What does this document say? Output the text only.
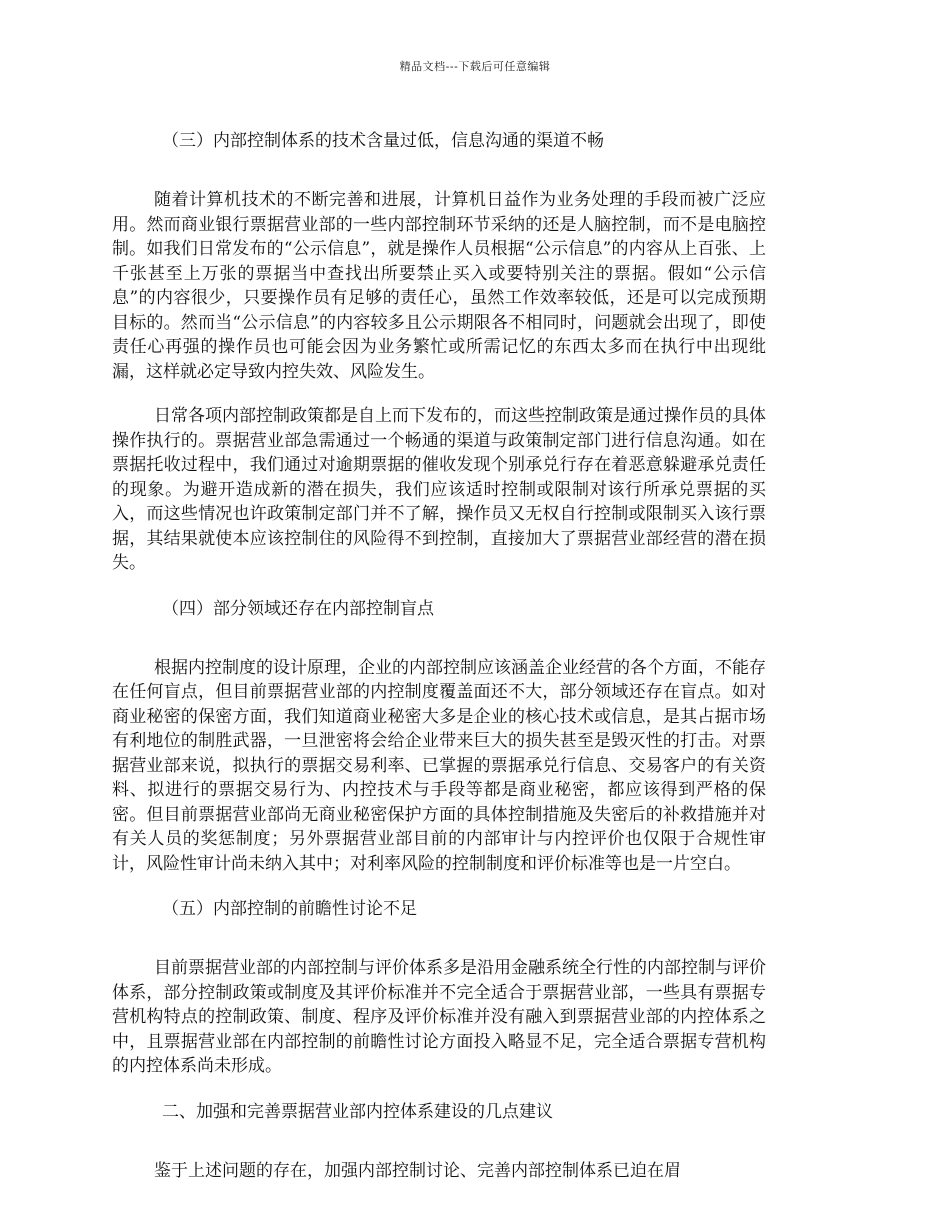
精品文档---下载后可任意编辑
（三）内部控制体系的技术含量过低，信息沟通的渠道不畅

随着计算机技术的不断完善和进展，计算机日益作为业务处理的手段而被广泛应用。然而商业银行票据营业部的一些内部控制环节采纳的还是人脑控制，而不是电脑控制。如我们日常发布的“公示信息”，就是操作人员根据“公示信息”的内容从上百张、上千张甚至上万张的票据当中查找出所要禁止买入或要特别关注的票据。假如“公示信息”的内容很少，只要操作员有足够的责任心，虽然工作效率较低，还是可以完成预期目标的。然而当“公示信息”的内容较多且公示期限各不相同时，问题就会出现了，即使责任心再强的操作员也可能会因为业务繁忙或所需记忆的东西太多而在执行中出现纰漏，这样就必定导致内控失效、风险发生。

日常各项内部控制政策都是自上而下发布的，而这些控制政策是通过操作员的具体操作执行的。票据营业部急需通过一个畅通的渠道与政策制定部门进行信息沟通。如在票据托收过程中，我们通过对逾期票据的催收发现个别承兑行存在着恶意躲避承兑责任的现象。为避开造成新的潜在损失，我们应该适时控制或限制对该行所承兑票据的买入，而这些情况也许政策制定部门并不了解，操作员又无权自行控制或限制买入该行票据，其结果就使本应该控制住的风险得不到控制，直接加大了票据营业部经营的潜在损失。

（四）部分领域还存在内部控制盲点

根据内控制度的设计原理，企业的内部控制应该涵盖企业经营的各个方面，不能存在任何盲点，但目前票据营业部的内控制度覆盖面还不大，部分领域还存在盲点。如对商业秘密的保密方面，我们知道商业秘密大多是企业的核心技术或信息，是其占据市场有利地位的制胜武器，一旦泄密将会给企业带来巨大的损失甚至是毁灭性的打击。对票据营业部来说，拟执行的票据交易利率、已掌握的票据承兑行信息、交易客户的有关资料、拟进行的票据交易行为、内控技术与手段等都是商业秘密，都应该得到严格的保密。但目前票据营业部尚无商业秘密保护方面的具体控制措施及失密后的补救措施并对有关人员的奖惩制度；另外票据营业部目前的内部审计与内控评价也仅限于合规性审计，风险性审计尚未纳入其中；对利率风险的控制制度和评价标准等也是一片空白。

（五）内部控制的前瞻性讨论不足

目前票据营业部的内部控制与评价体系多是沿用金融系统全行性的内部控制与评价体系，部分控制政策或制度及其评价标准并不完全适合于票据营业部，一些具有票据专营机构特点的控制政策、制度、程序及评价标准并没有融入到票据营业部的内控体系之中，且票据营业部在内部控制的前瞻性讨论方面投入略显不足，完全适合票据专营机构的内控体系尚未形成。

二、加强和完善票据营业部内控体系建设的几点建议

鉴于上述问题的存在，加强内部控制讨论、完善内部控制体系已迫在眉
